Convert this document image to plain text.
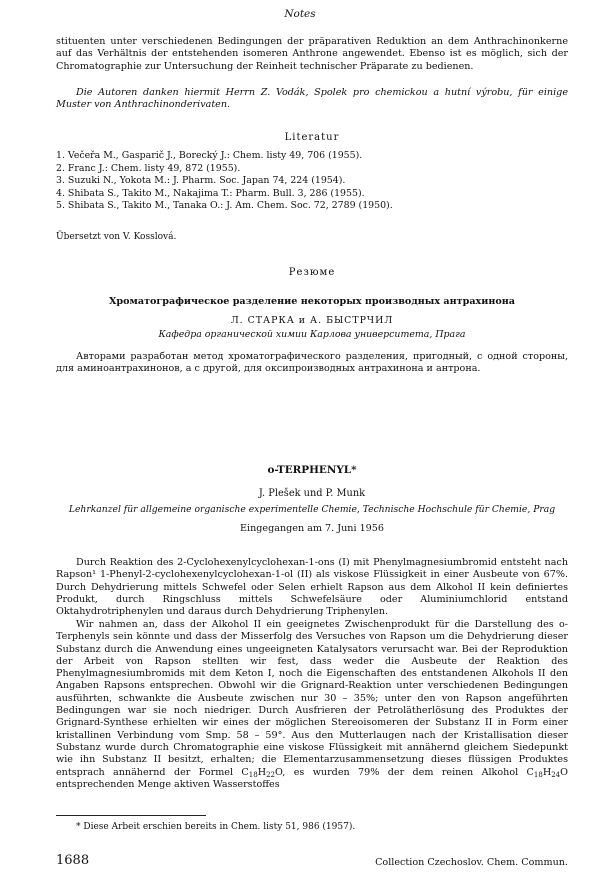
Notes

stituenten unter verschiedenen Bedingungen der präparativen Reduktion an dem Anthrachinonkerne auf das Verhältnis der entstehenden isomeren Anthrone angewendet. Ebenso ist es möglich, sich der Chromatographie zur Untersuchung der Reinheit technischer Präparate zu bedienen.

Die Autoren danken hiermit Herrn Z. Vodák, Spolek pro chemickou a hutní výrobu, für einige Muster von Anthrachinonderivaten.

Literatur
1. Večeřa M., Gasparič J., Borecký J.: Chem. listy 49, 706 (1955).
2. Franc J.: Chem. listy 49, 872 (1955).
3. Suzuki N., Yokota M.: J. Pharm. Soc. Japan 74, 224 (1954).
4. Shibata S., Takito M., Nakajima T.: Pharm. Bull. 3, 286 (1955).
5. Shibata S., Takito M., Tanaka O.: J. Am. Chem. Soc. 72, 2789 (1950).
Übersetzt von V. Kosslová.
Резюме
Хроматографическое разделение некоторых производных антрахинона
Л. СТАРКА и А. БЫСТРЧИЛ
Кафедра органической химии Карлова университета, Прага

Авторами разработан метод хроматографического разделения, пригодный, с одной стороны, для аминоантрахинонов, а с другой, для оксипроизводных антрахинона и антрона.

o-TERPHENYL*
J. Plešek und P. Munk
Lehrkanzel für allgemeine organische experimentelle Chemie, Technische Hochschule für Chemie, Prag
Eingegangen am 7. Juni 1956

Durch Reaktion des 2-Cyclohexenylcyclohexan-1-ons (I) mit Phenylmagnesiumbromid entsteht nach Rapson¹ 1-Phenyl-2-cyclohexenylcyclohexan-1-ol (II) als viskose Flüssigkeit in einer Ausbeute von 67%. Durch Dehydrierung mittels Schwefel oder Selen erhielt Rapson aus dem Alkohol II kein definiertes Produkt, durch Ringschluss mittels Schwefelsäure oder Aluminiumchlorid entstand Oktahydrotriphenylen und daraus durch Dehydrierung Triphenylen.

Wir nahmen an, dass der Alkohol II ein geeignetes Zwischenprodukt für die Darstellung des o-Terphenyls sein könnte und dass der Misserfolg des Versuches von Rapson um die Dehydrierung dieser Substanz durch die Anwendung eines ungeeigneten Katalysators verursacht war. Bei der Reproduktion der Arbeit von Rapson stellten wir fest, dass weder die Ausbeute der Reaktion des Phenylmagnesiumbromids mit dem Keton I, noch die Eigenschaften des entstandenen Alkohols II den Angaben Rapsons entsprechen. Obwohl wir die Grignard-Reaktion unter verschiedenen Bedingungen ausführten, schwankte die Ausbeute zwischen nur 30 – 35%; unter den von Rapson angeführten Bedingungen war sie noch niedriger. Durch Ausfrieren der Petrolätherlösung des Produktes der Grignard-Synthese erhielten wir eines der möglichen Stereoisomeren der Substanz II in Form einer kristallinen Verbindung vom Smp. 58 – 59°. Aus den Mutterlaugen nach der Kristallisation dieser Substanz wurde durch Chromatographie eine viskose Flüssigkeit mit annähernd gleichem Siedepunkt wie ihn Substanz II besitzt, erhalten; die Elementarzusammensetzung dieses flüssigen Produktes entsprach annähernd der Formel $C_{18}H_{22}O$, es wurden 79% der dem reinen Alkohol $C_{18}H_{24}O$ entsprechenden Menge aktiven Wasserstoffes

* Diese Arbeit erschien bereits in Chem. listy 51, 986 (1957).
1688	Collection Czechoslov. Chem. Commun.
